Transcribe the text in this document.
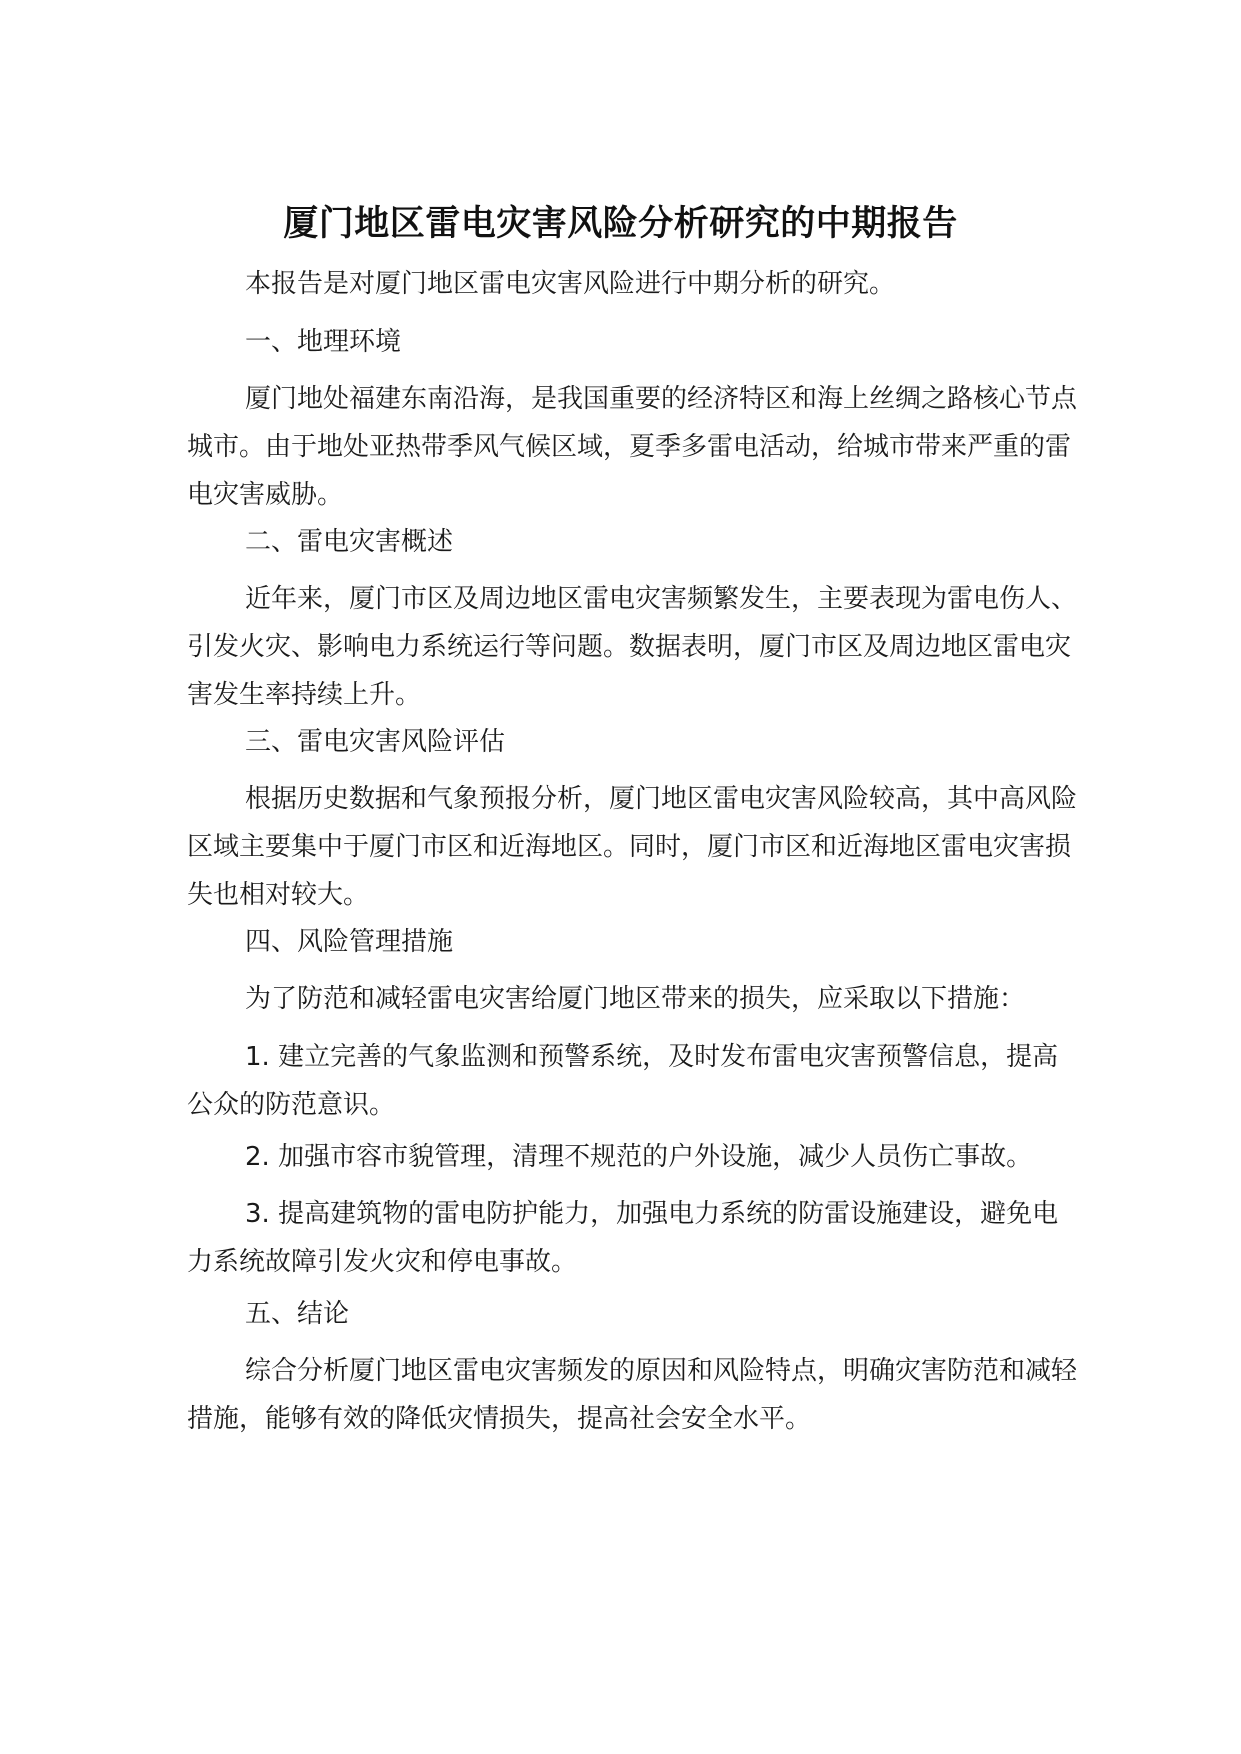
厦门地区雷电灾害风险分析研究的中期报告

本报告是对厦门地区雷电灾害风险进行中期分析的研究。

一、地理环境

厦门地处福建东南沿海，是我国重要的经济特区和海上丝绸之路核心节点城市。由于地处亚热带季风气候区域，夏季多雷电活动，给城市带来严重的雷电灾害威胁。

二、雷电灾害概述

近年来，厦门市区及周边地区雷电灾害频繁发生，主要表现为雷电伤人、引发火灾、影响电力系统运行等问题。数据表明，厦门市区及周边地区雷电灾害发生率持续上升。

三、雷电灾害风险评估

根据历史数据和气象预报分析，厦门地区雷电灾害风险较高，其中高风险区域主要集中于厦门市区和近海地区。同时，厦门市区和近海地区雷电灾害损失也相对较大。

四、风险管理措施

为了防范和减轻雷电灾害给厦门地区带来的损失，应采取以下措施：

1. 建立完善的气象监测和预警系统，及时发布雷电灾害预警信息，提高公众的防范意识。

2. 加强市容市貌管理，清理不规范的户外设施，减少人员伤亡事故。

3. 提高建筑物的雷电防护能力，加强电力系统的防雷设施建设，避免电力系统故障引发火灾和停电事故。

五、结论

综合分析厦门地区雷电灾害频发的原因和风险特点，明确灾害防范和减轻措施，能够有效的降低灾情损失，提高社会安全水平。
